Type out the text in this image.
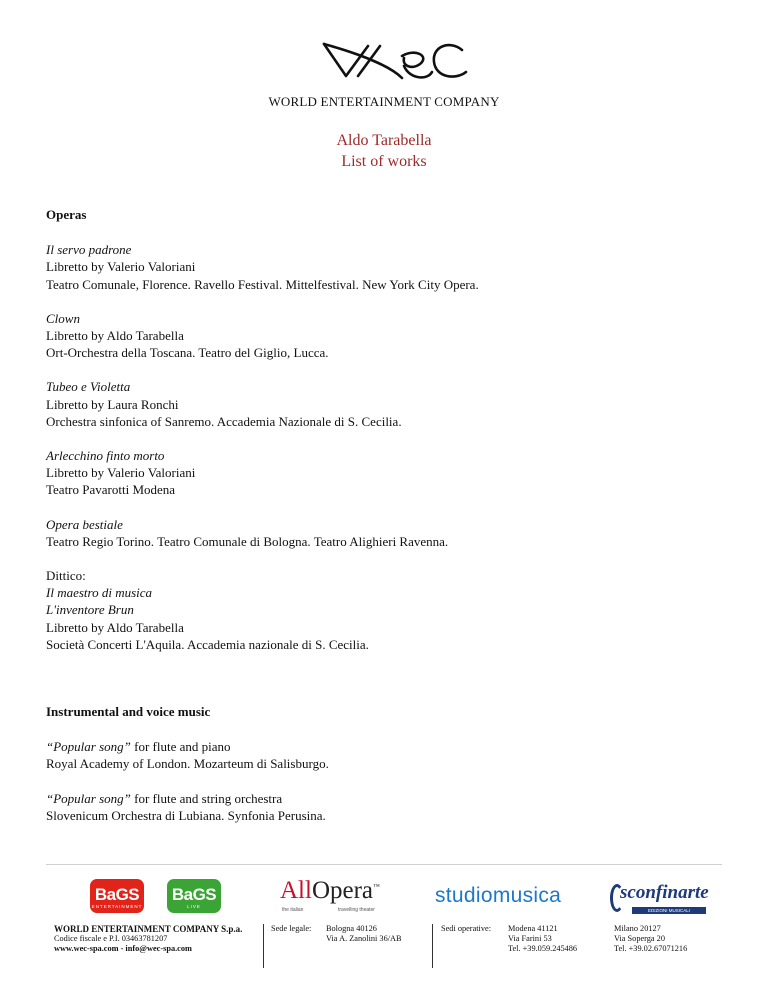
WORLD ENTERTAINMENT COMPANY
Aldo Tarabella
List of works
Operas
Il servo padrone
Libretto by Valerio Valoriani
Teatro Comunale, Florence. Ravello Festival. Mittelfestival. New York City Opera.
Clown
Libretto by Aldo Tarabella
Ort-Orchestra della Toscana. Teatro del Giglio, Lucca.
Tubeo e Violetta
Libretto by Laura Ronchi
Orchestra sinfonica of Sanremo. Accademia Nazionale di S. Cecilia.
Arlecchino finto morto
Libretto by Valerio Valoriani
Teatro Pavarotti Modena
Opera bestiale
Teatro Regio Torino. Teatro Comunale di Bologna. Teatro Alighieri Ravenna.
Dittico:
Il maestro di musica
L'inventore Brun
Libretto by Aldo Tarabella
Società Concerti L'Aquila. Accademia nazionale di S. Cecilia.
Instrumental and voice music
“Popular song” for flute and piano
Royal Academy of London. Mozarteum di Salisburgo.
“Popular song” for flute and string orchestra
Slovenicum Orchestra di Lubiana. Synfonia Perusina.
BaGS
ENTERTAINMENT
BaGS
LIVE
AllOpera™
the italian	travelling theater
studiomusica	sconfinarte
EDIZIONI MUSICALI
WORLD ENTERTAINMENT COMPANY S.p.a.
Codice fiscale e P.I. 03463781207
www.wec-spa.com - info@wec-spa.com
Sede legale: Bologna 40126
Via A. Zanolini 36/AB
Sedi operative: Modena 41121
Via Farini 53
Tel. +39.059.245486
Milano 20127
Via Soperga 20
Tel. +39.02.67071216
